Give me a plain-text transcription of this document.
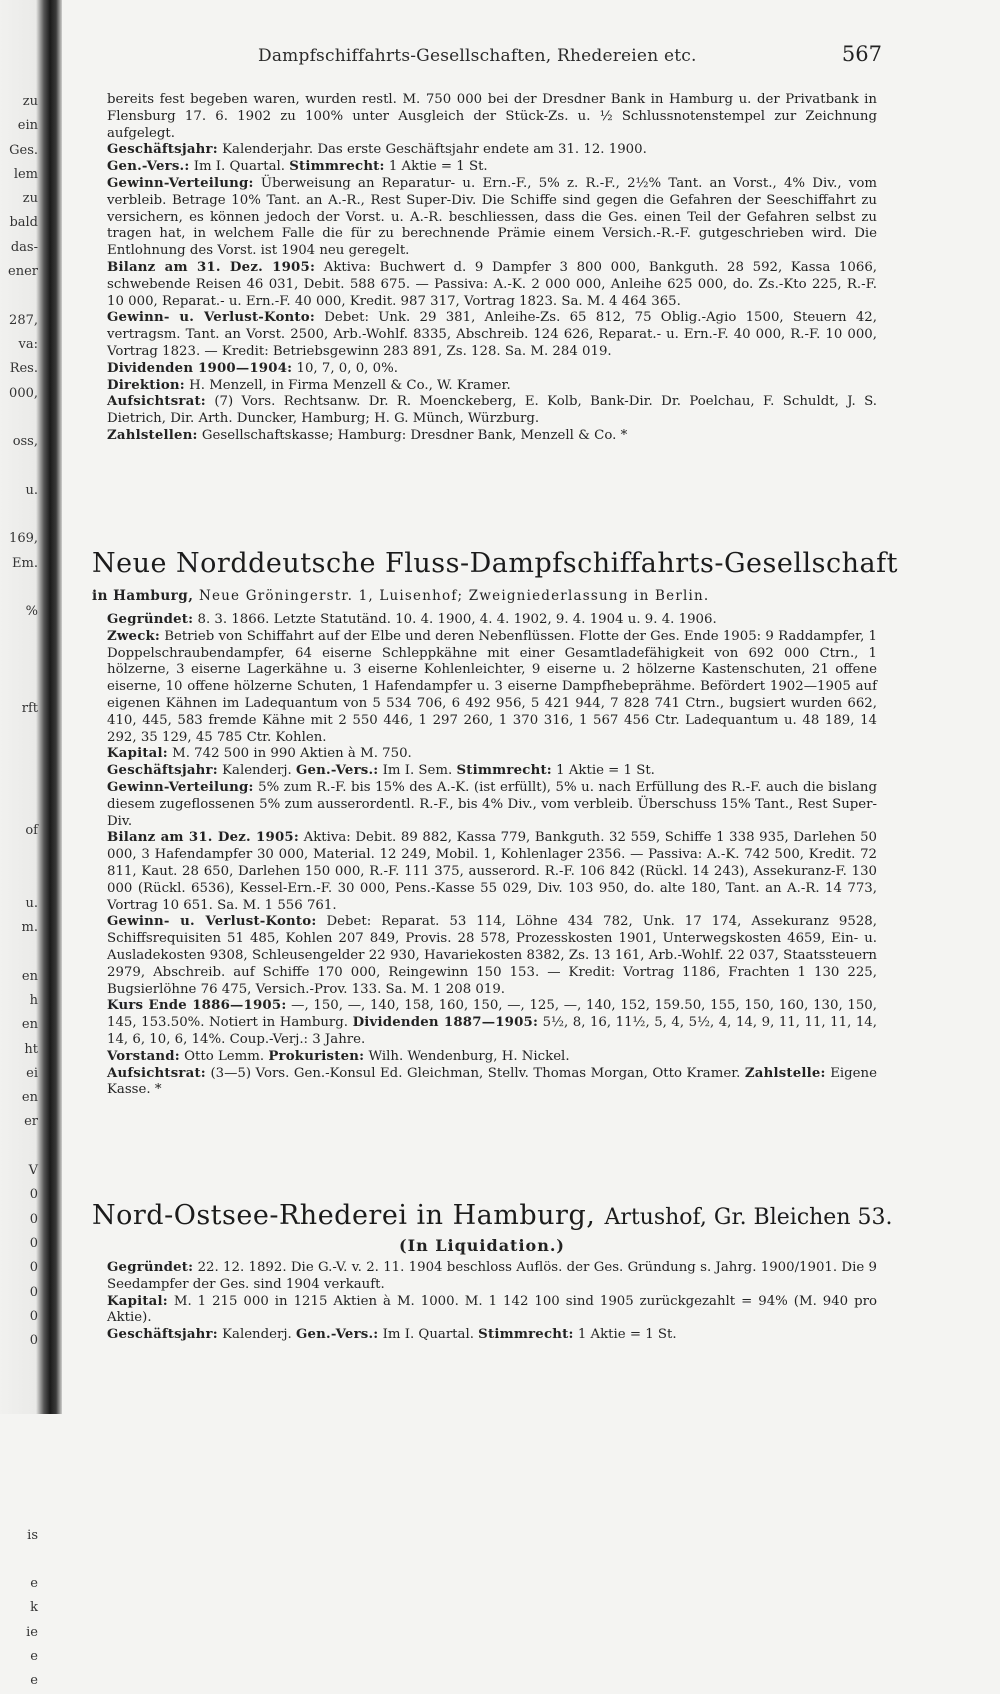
zu
ein
Ges.
lem
zu
bald
das-
ener
287,
va:
Res.
000,
oss,
u.
169,
Em.
%
rft
of
u.
m.
en
h
en
ht
ei
en
er
V
0
0
0
0
0
0
0
is
e
k
ie
e
e
Dampfschiffahrts-Gesellschaften, Rhedereien etc.	567

bereits fest begeben waren, wurden restl. M. 750 000 bei der Dresdner Bank in Hamburg u. der Privatbank in Flensburg 17. 6. 1902 zu 100% unter Ausgleich der Stück-Zs. u. ½ Schlussnotenstempel zur Zeichnung aufgelegt.

Geschäftsjahr: Kalenderjahr. Das erste Geschäftsjahr endete am 31. 12. 1900.

Gen.-Vers.: Im I. Quartal. Stimmrecht: 1 Aktie = 1 St.

Gewinn-Verteilung: Überweisung an Reparatur- u. Ern.-F., 5% z. R.-F., 2½% Tant. an Vorst., 4% Div., vom verbleib. Betrage 10% Tant. an A.-R., Rest Super-Div. Die Schiffe sind gegen die Gefahren der Seeschiffahrt zu versichern, es können jedoch der Vorst. u. A.-R. beschliessen, dass die Ges. einen Teil der Gefahren selbst zu tragen hat, in welchem Falle die für zu berechnende Prämie einem Versich.-R.-F. gutgeschrieben wird. Die Entlohnung des Vorst. ist 1904 neu geregelt.

Bilanz am 31. Dez. 1905: Aktiva: Buchwert d. 9 Dampfer 3 800 000, Bankguth. 28 592, Kassa 1066, schwebende Reisen 46 031, Debit. 588 675. — Passiva: A.-K. 2 000 000, Anleihe 625 000, do. Zs.-Kto 225, R.-F. 10 000, Reparat.- u. Ern.-F. 40 000, Kredit. 987 317, Vortrag 1823. Sa. M. 4 464 365.

Gewinn- u. Verlust-Konto: Debet: Unk. 29 381, Anleihe-Zs. 65 812, 75 Oblig.-Agio 1500, Steuern 42, vertragsm. Tant. an Vorst. 2500, Arb.-Wohlf. 8335, Abschreib. 124 626, Reparat.- u. Ern.-F. 40 000, R.-F. 10 000, Vortrag 1823. — Kredit: Betriebsgewinn 283 891, Zs. 128. Sa. M. 284 019.

Dividenden 1900—1904: 10, 7, 0, 0, 0%.

Direktion: H. Menzell, in Firma Menzell & Co., W. Kramer.

Aufsichtsrat: (7) Vors. Rechtsanw. Dr. R. Moenckeberg, E. Kolb, Bank-Dir. Dr. Poelchau, F. Schuldt, J. S. Dietrich, Dir. Arth. Duncker, Hamburg; H. G. Münch, Würzburg.

Zahlstellen: Gesellschaftskasse; Hamburg: Dresdner Bank, Menzell & Co. *

Neue Norddeutsche Fluss-Dampfschiffahrts-Gesellschaft
in Hamburg, Neue Gröningerstr. 1, Luisenhof; Zweigniederlassung in Berlin.

Gegründet: 8. 3. 1866. Letzte Statutänd. 10. 4. 1900, 4. 4. 1902, 9. 4. 1904 u. 9. 4. 1906.

Zweck: Betrieb von Schiffahrt auf der Elbe und deren Nebenflüssen. Flotte der Ges. Ende 1905: 9 Raddampfer, 1 Doppelschraubendampfer, 64 eiserne Schleppkähne mit einer Gesamtladefähigkeit von 692 000 Ctrn., 1 hölzerne, 3 eiserne Lagerkähne u. 3 eiserne Kohlenleichter, 9 eiserne u. 2 hölzerne Kastenschuten, 21 offene eiserne, 10 offene hölzerne Schuten, 1 Hafendampfer u. 3 eiserne Dampfhebeprähme. Befördert 1902—1905 auf eigenen Kähnen im Ladequantum von 5 534 706, 6 492 956, 5 421 944, 7 828 741 Ctrn., bugsiert wurden 662, 410, 445, 583 fremde Kähne mit 2 550 446, 1 297 260, 1 370 316, 1 567 456 Ctr. Ladequantum u. 48 189, 14 292, 35 129, 45 785 Ctr. Kohlen.

Kapital: M. 742 500 in 990 Aktien à M. 750.

Geschäftsjahr: Kalenderj. Gen.-Vers.: Im I. Sem. Stimmrecht: 1 Aktie = 1 St.

Gewinn-Verteilung: 5% zum R.-F. bis 15% des A.-K. (ist erfüllt), 5% u. nach Erfüllung des R.-F. auch die bislang diesem zugeflossenen 5% zum ausserordentl. R.-F., bis 4% Div., vom verbleib. Überschuss 15% Tant., Rest Super-Div.

Bilanz am 31. Dez. 1905: Aktiva: Debit. 89 882, Kassa 779, Bankguth. 32 559, Schiffe 1 338 935, Darlehen 50 000, 3 Hafendampfer 30 000, Material. 12 249, Mobil. 1, Kohlenlager 2356. — Passiva: A.-K. 742 500, Kredit. 72 811, Kaut. 28 650, Darlehen 150 000, R.-F. 111 375, ausserord. R.-F. 106 842 (Rückl. 14 243), Assekuranz-F. 130 000 (Rückl. 6536), Kessel-Ern.-F. 30 000, Pens.-Kasse 55 029, Div. 103 950, do. alte 180, Tant. an A.-R. 14 773, Vortrag 10 651. Sa. M. 1 556 761.

Gewinn- u. Verlust-Konto: Debet: Reparat. 53 114, Löhne 434 782, Unk. 17 174, Assekuranz 9528, Schiffsrequisiten 51 485, Kohlen 207 849, Provis. 28 578, Prozesskosten 1901, Unterwegskosten 4659, Ein- u. Ausladekosten 9308, Schleusengelder 22 930, Havariekosten 8382, Zs. 13 161, Arb.-Wohlf. 22 037, Staatssteuern 2979, Abschreib. auf Schiffe 170 000, Reingewinn 150 153. — Kredit: Vortrag 1186, Frachten 1 130 225, Bugsierlöhne 76 475, Versich.-Prov. 133. Sa. M. 1 208 019.

Kurs Ende 1886—1905: —, 150, —, 140, 158, 160, 150, —, 125, —, 140, 152, 159.50, 155, 150, 160, 130, 150, 145, 153.50%. Notiert in Hamburg. Dividenden 1887—1905: 5½, 8, 16, 11½, 5, 4, 5½, 4, 14, 9, 11, 11, 11, 14, 14, 6, 10, 6, 14%. Coup.-Verj.: 3 Jahre.

Vorstand: Otto Lemm. Prokuristen: Wilh. Wendenburg, H. Nickel.

Aufsichtsrat: (3—5) Vors. Gen.-Konsul Ed. Gleichman, Stellv. Thomas Morgan, Otto Kramer. Zahlstelle: Eigene Kasse. *

Nord-Ostsee-Rhederei in Hamburg, Artushof, Gr. Bleichen 53.
(In Liquidation.)

Gegründet: 22. 12. 1892. Die G.-V. v. 2. 11. 1904 beschloss Auflös. der Ges. Gründung s. Jahrg. 1900/1901. Die 9 Seedampfer der Ges. sind 1904 verkauft.

Kapital: M. 1 215 000 in 1215 Aktien à M. 1000. M. 1 142 100 sind 1905 zurückgezahlt = 94% (M. 940 pro Aktie).

Geschäftsjahr: Kalenderj. Gen.-Vers.: Im I. Quartal. Stimmrecht: 1 Aktie = 1 St.
